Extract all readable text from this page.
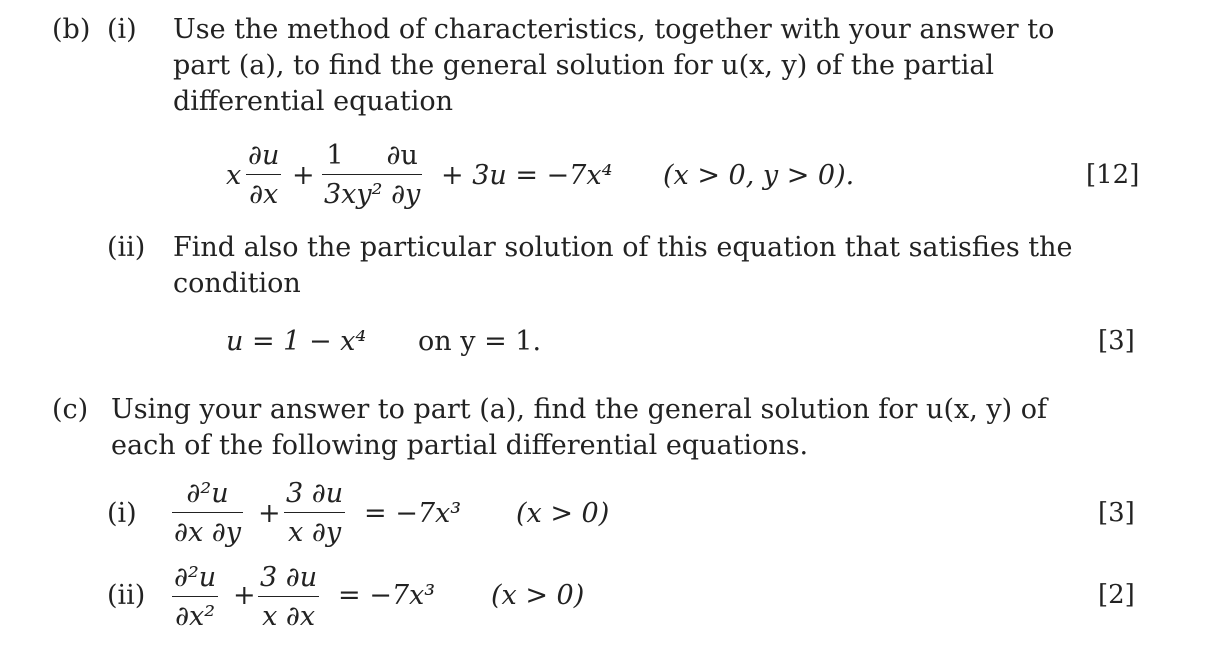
(b) (i) Use the method of characteristics, together with your answer to
part (a), to find the general solution for u(x, y) of the partial
differential equation
x
∂u
∂x
+
1 ∂u
3xy² ∂y
+ 3u = −7x⁴ (x > 0, y > 0).	[12]
(ii) Find also the particular solution of this equation that satisfies the
condition
u = 1 − x⁴ on y = 1.	[3]
(c) Using your answer to part (a), find the general solution for u(x, y) of
each of the following partial differential equations.
(i)
∂²u
∂x ∂y
+
3 ∂u
x ∂y
= −7x³ (x > 0)	[3]
(ii)
∂²u
∂x²
+
3 ∂u
x ∂x
= −7x³ (x > 0)	[2]
